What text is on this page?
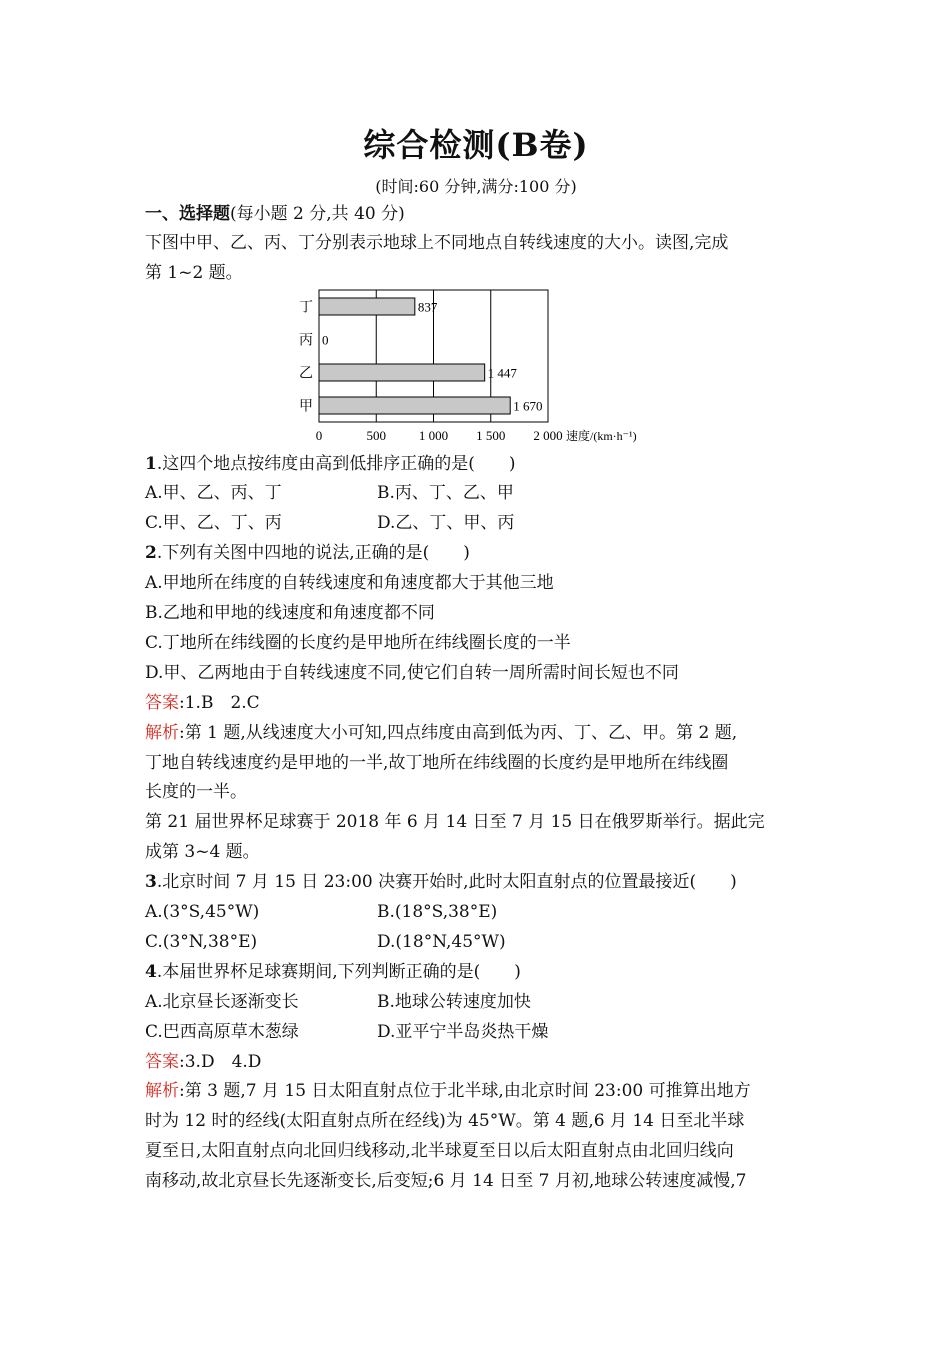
综合检测(B卷)
(时间:60 分钟,满分:100 分)
一、选择题(每小题 2 分,共 40 分)
下图中甲、乙、丙、丁分别表示地球上不同地点自转线速度的大小。读图,完成
第 1~2 题。
0	500	1 000 1 500 2 000 速度/(km·h⁻¹)
丁	837
丙 0
乙	1 447
甲	1 670
1.这四个地点按纬度由高到低排序正确的是(　　)
A.甲、乙、丙、丁	B.丙、丁、乙、甲
C.甲、乙、丁、丙	D.乙、丁、甲、丙
2.下列有关图中四地的说法,正确的是(　　)
A.甲地所在纬度的自转线速度和角速度都大于其他三地
B.乙地和甲地的线速度和角速度都不同
C.丁地所在纬线圈的长度约是甲地所在纬线圈长度的一半
D.甲、乙两地由于自转线速度不同,使它们自转一周所需时间长短也不同
答案:1.B　2.C
解析:第 1 题,从线速度大小可知,四点纬度由高到低为丙、丁、乙、甲。第 2 题,
丁地自转线速度约是甲地的一半,故丁地所在纬线圈的长度约是甲地所在纬线圈
长度的一半。
第 21 届世界杯足球赛于 2018 年 6 月 14 日至 7 月 15 日在俄罗斯举行。据此完
成第 3~4 题。
3.北京时间 7 月 15 日 23:00 决赛开始时,此时太阳直射点的位置最接近(　　)
A.(3°S,45°W)	B.(18°S,38°E)
C.(3°N,38°E)	D.(18°N,45°W)
4.本届世界杯足球赛期间,下列判断正确的是(　　)
A.北京昼长逐渐变长	B.地球公转速度加快
C.巴西高原草木葱绿	D.亚平宁半岛炎热干燥
答案:3.D　4.D
解析:第 3 题,7 月 15 日太阳直射点位于北半球,由北京时间 23:00 可推算出地方
时为 12 时的经线(太阳直射点所在经线)为 45°W。第 4 题,6 月 14 日至北半球
夏至日,太阳直射点向北回归线移动,北半球夏至日以后太阳直射点由北回归线向
南移动,故北京昼长先逐渐变长,后变短;6 月 14 日至 7 月初,地球公转速度减慢,7
